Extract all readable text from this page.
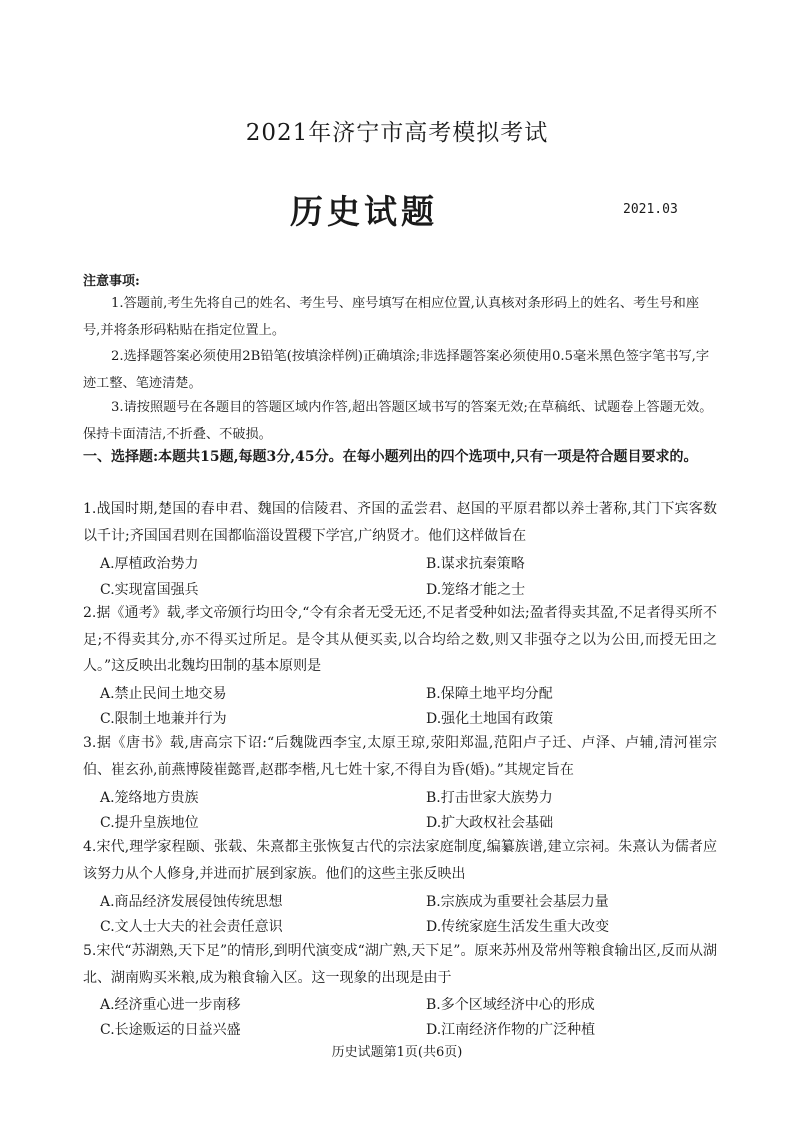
2021年济宁市高考模拟考试
历史试题	2021.03
注意事项:
1.答题前,考生先将自己的姓名、考生号、座号填写在相应位置,认真核对条形码上的姓名、考生号和座号,并将条形码粘贴在指定位置上。
2.选择题答案必须使用2B铅笔(按填涂样例)正确填涂;非选择题答案必须使用0.5毫米黑色签字笔书写,字迹工整、笔迹清楚。
3.请按照题号在各题目的答题区域内作答,超出答题区域书写的答案无效;在草稿纸、试题卷上答题无效。保持卡面清洁,不折叠、不破损。
一、选择题:本题共15题,每题3分,45分。在每小题列出的四个选项中,只有一项是符合题目要求的。
1.战国时期,楚国的春申君、魏国的信陵君、齐国的孟尝君、赵国的平原君都以养士著称,其门下宾客数以千计;齐国国君则在国都临淄设置稷下学宫,广纳贤才。他们这样做旨在
A.厚植政治势力	B.谋求抗秦策略
C.实现富国强兵	D.笼络才能之士
2.据《通考》载,孝文帝颁行均田令,“令有余者无受无还,不足者受种如法;盈者得卖其盈,不足者得买所不足;不得卖其分,亦不得买过所足。是令其从便买卖,以合均给之数,则又非强夺之以为公田,而授无田之人。”这反映出北魏均田制的基本原则是
A.禁止民间土地交易	B.保障土地平均分配
C.限制土地兼并行为	D.强化土地国有政策
3.据《唐书》载,唐高宗下诏:“后魏陇西李宝,太原王琼,荥阳郑温,范阳卢子迁、卢泽、卢辅,清河崔宗伯、崔玄孙,前燕博陵崔懿晋,赵郡李楷,凡七姓十家,不得自为昏(婚)。”其规定旨在
A.笼络地方贵族	B.打击世家大族势力
C.提升皇族地位	D.扩大政权社会基础
4.宋代,理学家程颐、张载、朱熹都主张恢复古代的宗法家庭制度,编纂族谱,建立宗祠。朱熹认为儒者应该努力从个人修身,并进而扩展到家族。他们的这些主张反映出
A.商品经济发展侵蚀传统思想	B.宗族成为重要社会基层力量
C.文人士大夫的社会责任意识	D.传统家庭生活发生重大改变
5.宋代“苏湖熟,天下足”的情形,到明代演变成“湖广熟,天下足”。原来苏州及常州等粮食输出区,反而从湖北、湖南购买米粮,成为粮食输入区。这一现象的出现是由于
A.经济重心进一步南移	B.多个区域经济中心的形成
C.长途贩运的日益兴盛	D.江南经济作物的广泛种植
历史试题第1页(共6页)
